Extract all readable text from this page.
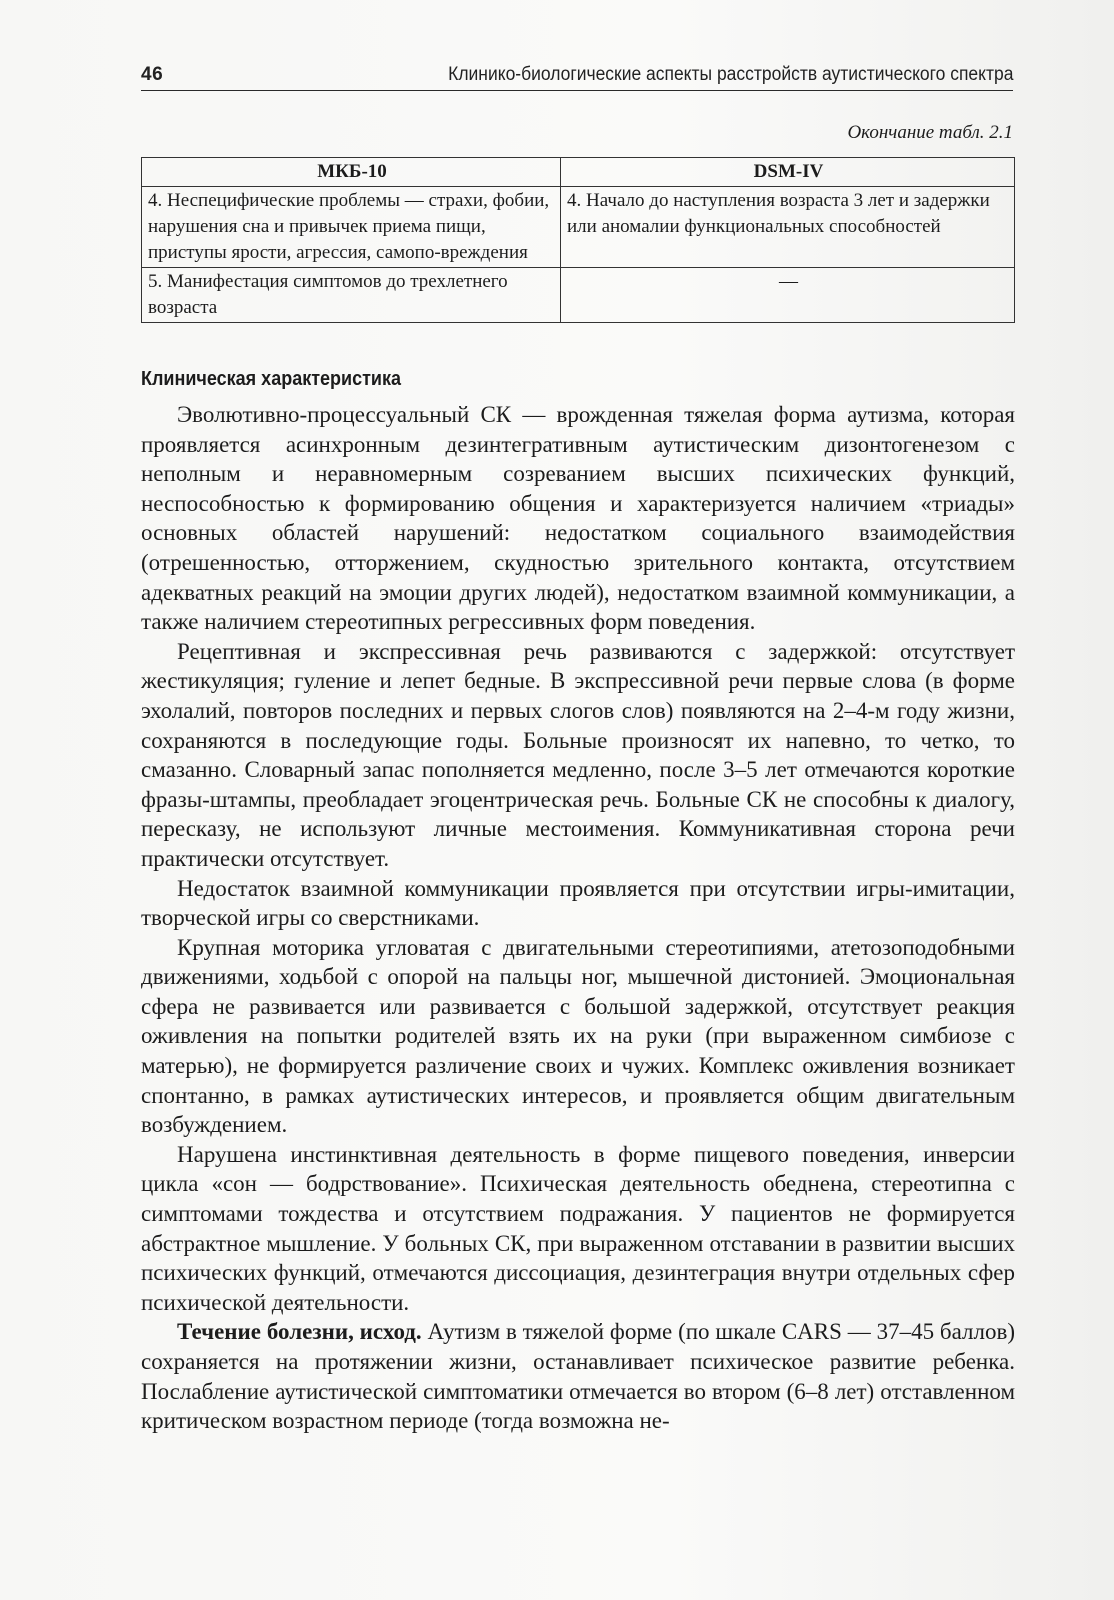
46	Клинико-биологические аспекты расстройств аутистического спектра
Окончание табл. 2.1
МКБ-10	DSM-IV
4. Неспецифические проблемы — страхи, фобии, нарушения сна и привычек приема пищи, приступы ярости, агрессия, самопо-вреждения	4. Начало до наступления возраста 3 лет и задержки или аномалии функциональных способностей
5. Манифестация симптомов до трехлетнего возраста	—
Клиническая характеристика

Эволютивно-процессуальный СК — врожденная тяжелая форма аутизма, которая проявляется асинхронным дезинтегративным аутистическим дизонтогенезом с неполным и неравномерным созреванием высших психических функций, неспособностью к формированию общения и характеризуется наличием «триады» основных областей нарушений: недостатком социального взаимодействия (отрешенностью, отторжением, скудностью зрительного контакта, отсутствием адекватных реакций на эмоции других людей), недостатком взаимной коммуникации, а также наличием стереотипных регрессивных форм поведения.

Рецептивная и экспрессивная речь развиваются с задержкой: отсутствует жестикуляция; гуление и лепет бедные. В экспрессивной речи первые слова (в форме эхолалий, повторов последних и первых слогов слов) появляются на 2–4-м году жизни, сохраняются в последующие годы. Больные произносят их напевно, то четко, то смазанно. Словарный запас пополняется медленно, после 3–5 лет отмечаются короткие фразы-штампы, преобладает эгоцентрическая речь. Больные СК не способны к диалогу, пересказу, не используют личные местоимения. Коммуникативная сторона речи практически отсутствует.

Недостаток взаимной коммуникации проявляется при отсутствии игры-имитации, творческой игры со сверстниками.

Крупная моторика угловатая с двигательными стереотипиями, атетозоподобными движениями, ходьбой с опорой на пальцы ног, мышечной дистонией. Эмоциональная сфера не развивается или развивается с большой задержкой, отсутствует реакция оживления на попытки родителей взять их на руки (при выраженном симбиозе с матерью), не формируется различение своих и чужих. Комплекс оживления возникает спонтанно, в рамках аутистических интересов, и проявляется общим двигательным возбуждением.

Нарушена инстинктивная деятельность в форме пищевого поведения, инверсии цикла «сон — бодрствование». Психическая деятельность обеднена, стереотипна с симптомами тождества и отсутствием подражания. У пациентов не формируется абстрактное мышление. У больных СК, при выраженном отставании в развитии высших психических функций, отмечаются диссоциация, дезинтеграция внутри отдельных сфер психической деятельности.

Течение болезни, исход. Аутизм в тяжелой форме (по шкале CARS — 37–45 баллов) сохраняется на протяжении жизни, останавливает психическое развитие ребенка. Послабление аутистической симптоматики отмечается во втором (6–8 лет) отставленном критическом возрастном периоде (тогда возможна не-
